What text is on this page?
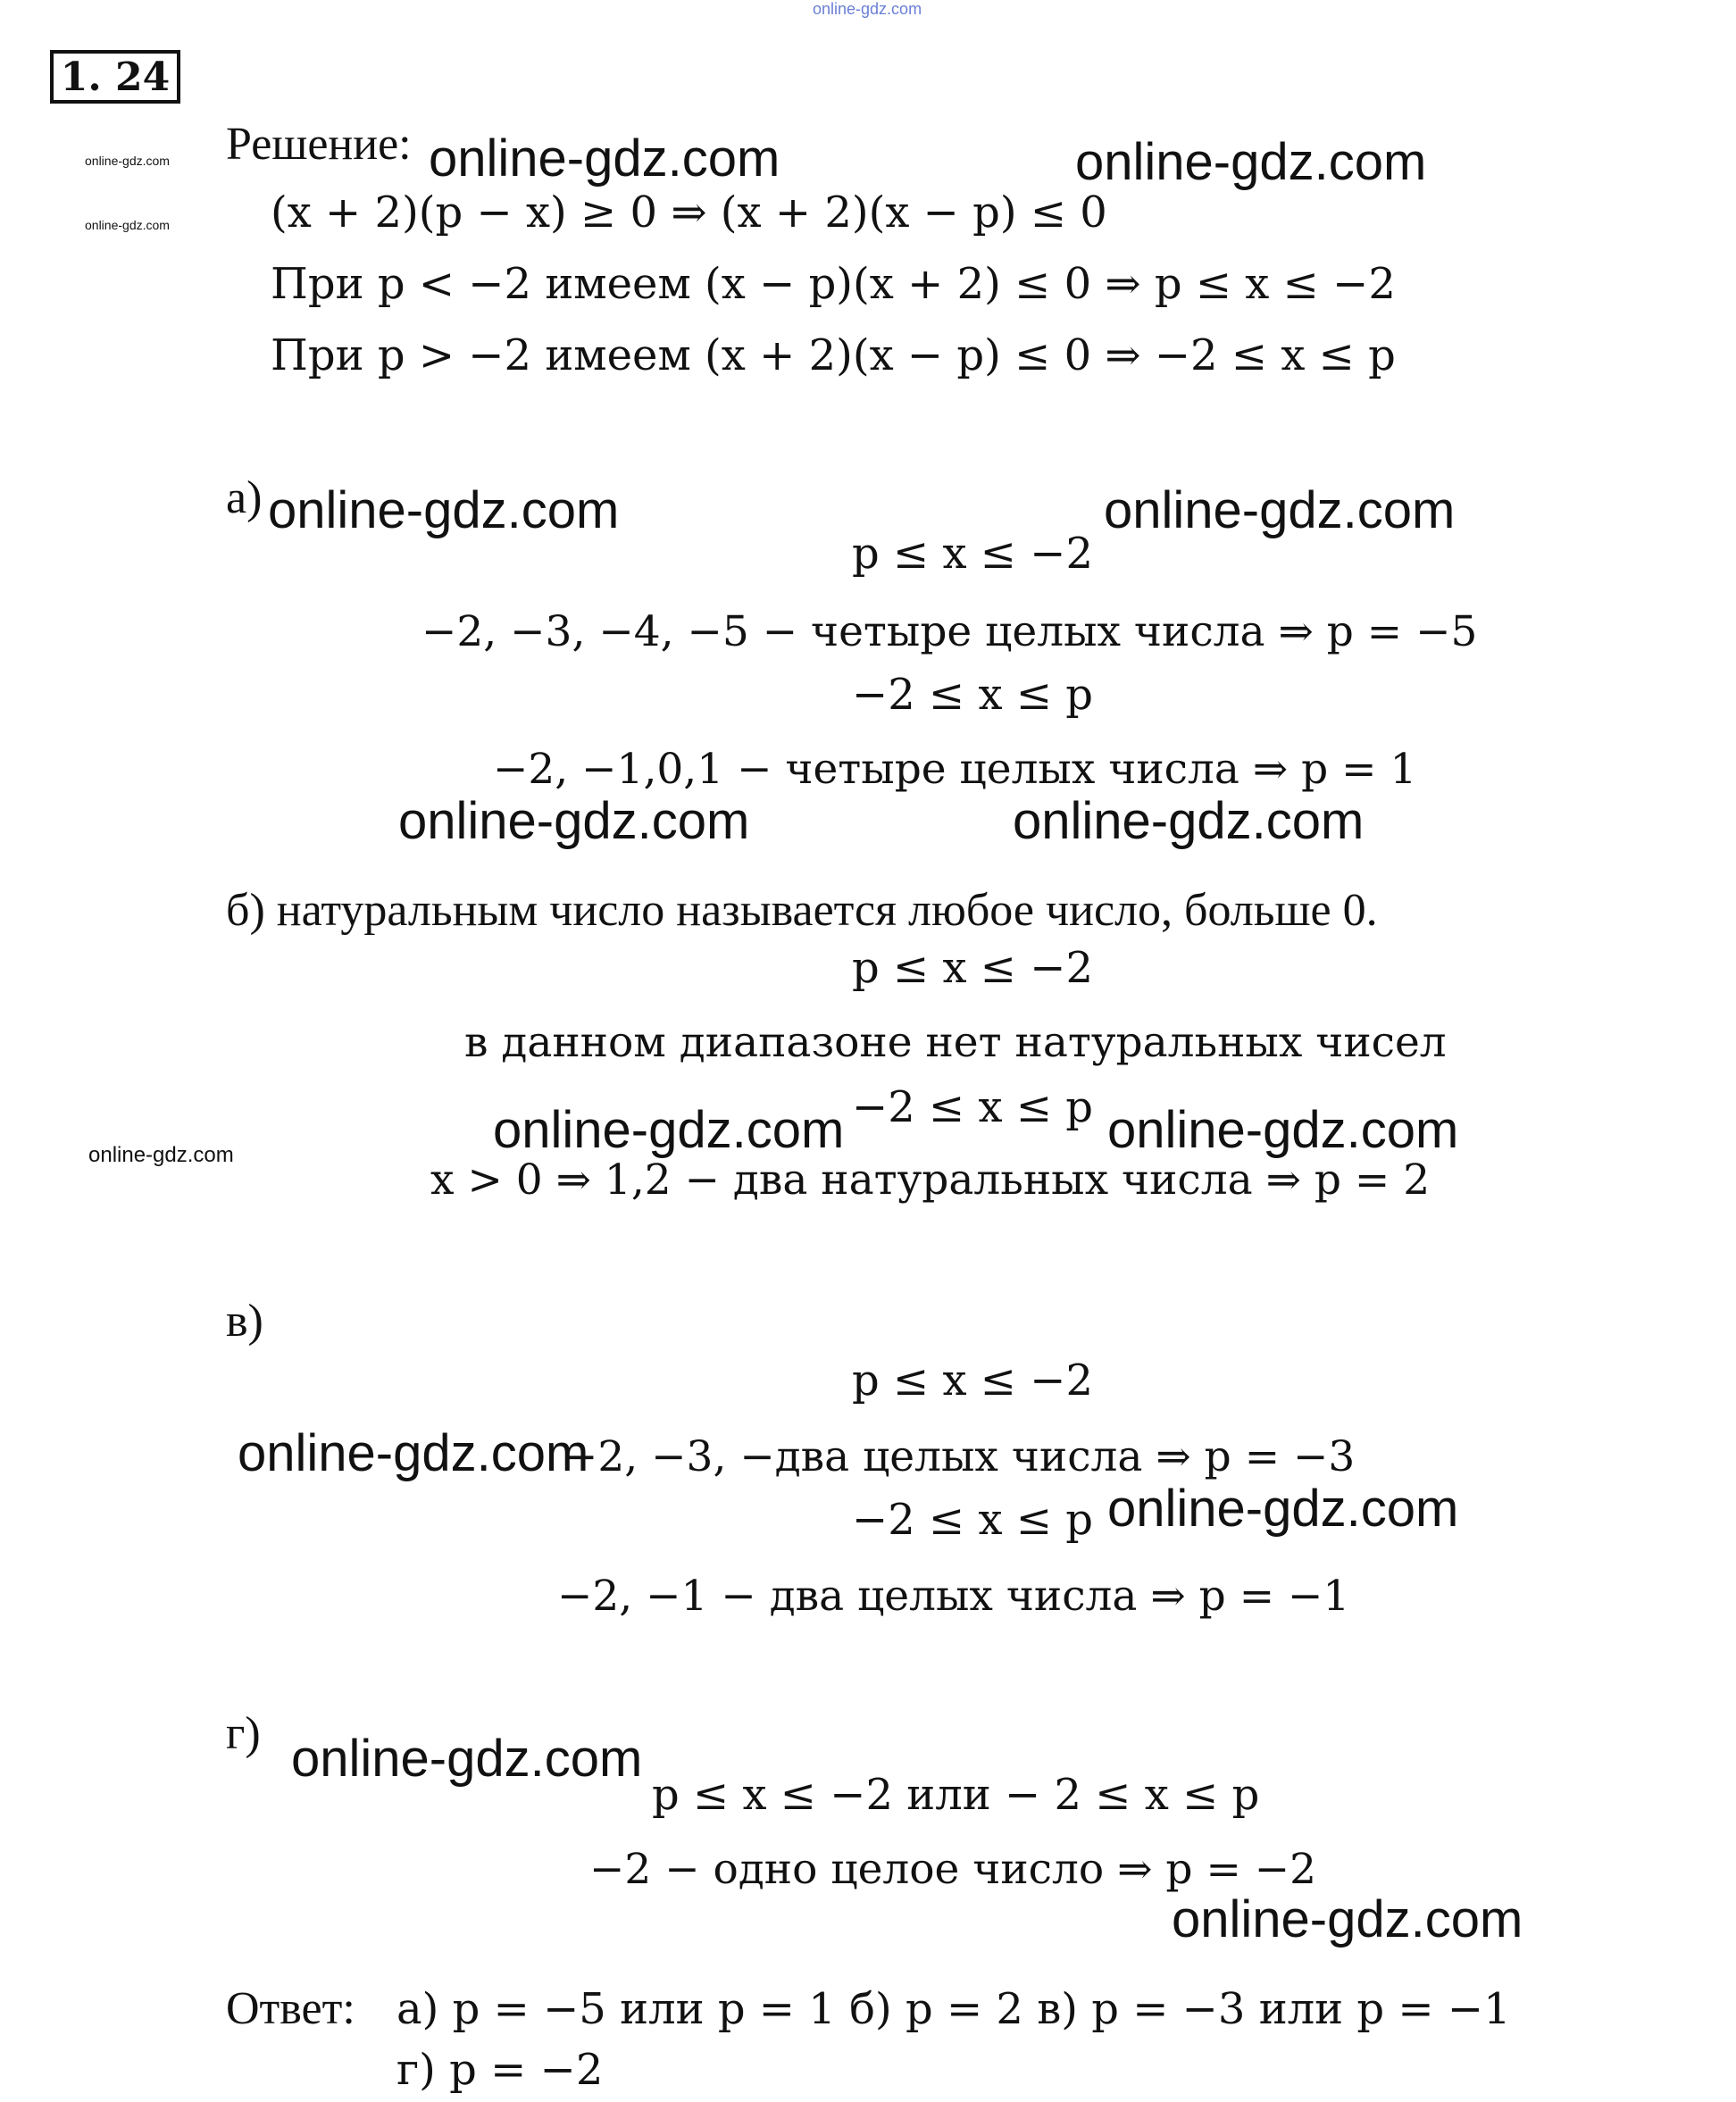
online-gdz.com
1. 24
online-gdz.com
online-gdz.com
online-gdz.com
Решение: online-gdz.com	online-gdz.com
(x + 2)(p − x) ≥ 0 ⇒ (x + 2)(x − p) ≤ 0
При p < −2 имеем (x − p)(x + 2) ≤ 0 ⇒ p ≤ x ≤ −2
При p > −2 имеем (x + 2)(x − p) ≤ 0 ⇒ −2 ≤ x ≤ p
а) online-gdz.com	online-gdz.com
p ≤ x ≤ −2
−2, −3, −4, −5 − четыре целых числа ⇒ p = −5
−2 ≤ x ≤ p
−2, −1,0,1 − четыре целых числа ⇒ p = 1
online-gdz.com	online-gdz.com
б) натуральным число называется любое число, больше 0.
p ≤ x ≤ −2
в данном диапазоне нет натуральных чисел
−2 ≤ x ≤ p
online-gdz.com	online-gdz.com
x > 0 ⇒ 1,2 − два натуральных числа ⇒ p = 2
в)
p ≤ x ≤ −2
−2, −3, −два целых числа ⇒ p = −3
online-gdz.com
−2 ≤ x ≤ p online-gdz.com
−2, −1 − два целых числа ⇒ p = −1
г) online-gdz.com
p ≤ x ≤ −2 или − 2 ≤ x ≤ p
−2 − одно целое число ⇒ p = −2
online-gdz.com
Ответ: а) p = −5 или p = 1 б) p = 2 в) p = −3 или p = −1
г) p = −2
